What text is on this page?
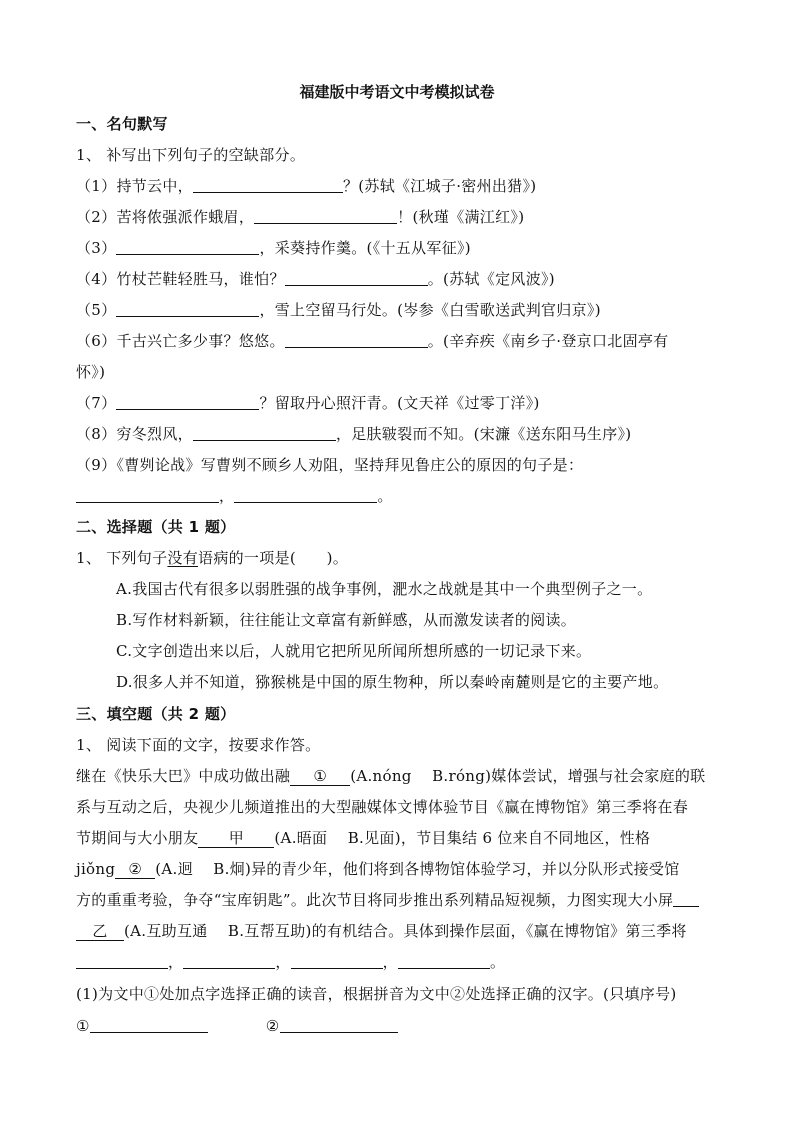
福建版中考语文中考模拟试卷
一、名句默写
1、 补写出下列句子的空缺部分。
（1）持节云中，	？(苏轼《江城子·密州出猎》)
（2）苦将侬强派作蛾眉，	！(秋瑾《满江红》)
（3）	，采葵持作羹。(《十五从军征》)
（4）竹杖芒鞋轻胜马，谁怕？	。(苏轼《定风波》)
（5）	，雪上空留马行处。(岑参《白雪歌送武判官归京》)
（6）千古兴亡多少事？悠悠。	。(辛弃疾《南乡子·登京口北固亭有
怀》)
（7）	？留取丹心照汗青。(文天祥《过零丁洋》)
（8）穷冬烈风，	，足肤皲裂而不知。(宋濂《送东阳马生序》)
（9）《曹刿论战》写曹刿不顾乡人劝阻，坚持拜见鲁庄公的原因的句子是：
，	。
二、选择题（共 1 题）
1、 下列句子没有语病的一项是(　　)。
A.我国古代有很多以弱胜强的战争事例，淝水之战就是其中一个典型例子之一。
B.写作材料新颖，往往能让文章富有新鲜感，从而激发读者的阅读。
C.文字创造出来以后，人就用它把所见所闻所想所感的一切记录下来。
D.很多人并不知道，猕猴桃是中国的原生物种，所以秦岭南麓则是它的主要产地。
三、填空题（共 2 题）
1、 阅读下面的文字，按要求作答。
继在《快乐大巴》中成功做出融 ① (A.nóng　 B.róng)媒体尝试，增强与社会家庭的联
系与互动之后，央视少儿频道推出的大型融媒体文博体验节目《赢在博物馆》第三季将在春
节期间与大小朋友 甲 (A.晤面　 B.见面)，节目集结 6 位来自不同地区，性格
jiǒng ② (A.迥　 B.炯)异的青少年，他们将到各博物馆体验学习，并以分队形式接受馆
方的重重考验，争夺“宝库钥匙”。此次节目将同步推出系列精品短视频，力图实现大小屏
乙 (A.互助互通　 B.互帮互助)的有机结合。具体到操作层面，《赢在博物馆》第三季将
，	，	，	。
(1)为文中①处加点字选择正确的读音，根据拼音为文中②处选择正确的汉字。(只填序号)
①	②
